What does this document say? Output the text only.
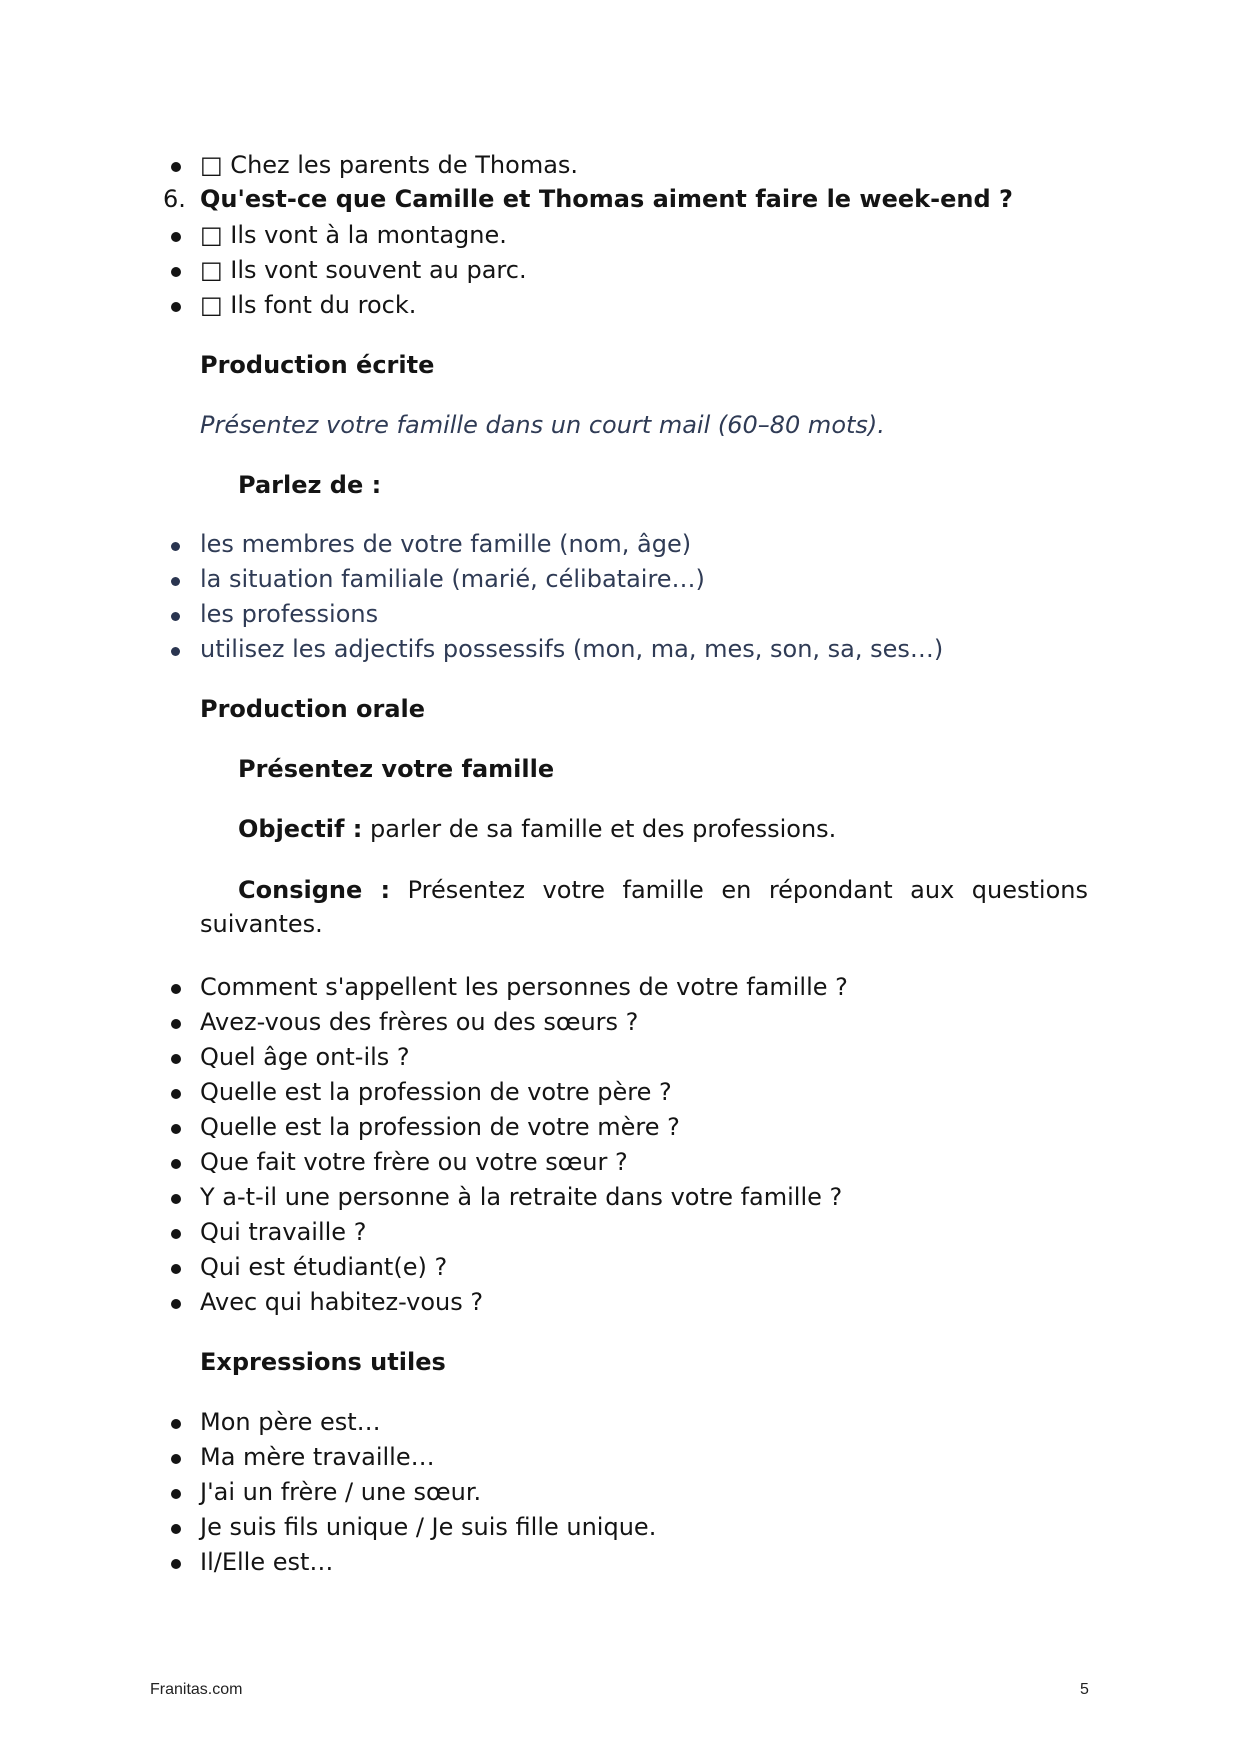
□ Chez les parents de Thomas.
6. Qu'est-ce que Camille et Thomas aiment faire le week-end ?
□ Ils vont à la montagne.
□ Ils vont souvent au parc.
□ Ils font du rock.
Production écrite
Présentez votre famille dans un court mail (60–80 mots).
Parlez de :
les membres de votre famille (nom, âge)
la situation familiale (marié, célibataire…)
les professions
utilisez les adjectifs possessifs (mon, ma, mes, son, sa, ses…)
Production orale
Présentez votre famille
Objectif : parler de sa famille et des professions.
Consigne : Présentez votre famille en répondant aux questions suivantes.
Comment s'appellent les personnes de votre famille ?
Avez-vous des frères ou des sœurs ?
Quel âge ont-ils ?
Quelle est la profession de votre père ?
Quelle est la profession de votre mère ?
Que fait votre frère ou votre sœur ?
Y a-t-il une personne à la retraite dans votre famille ?
Qui travaille ?
Qui est étudiant(e) ?
Avec qui habitez-vous ?
Expressions utiles
Mon père est…
Ma mère travaille…
J'ai un frère / une sœur.
Je suis fils unique / Je suis fille unique.
Il/Elle est…
Franitas.com	5
